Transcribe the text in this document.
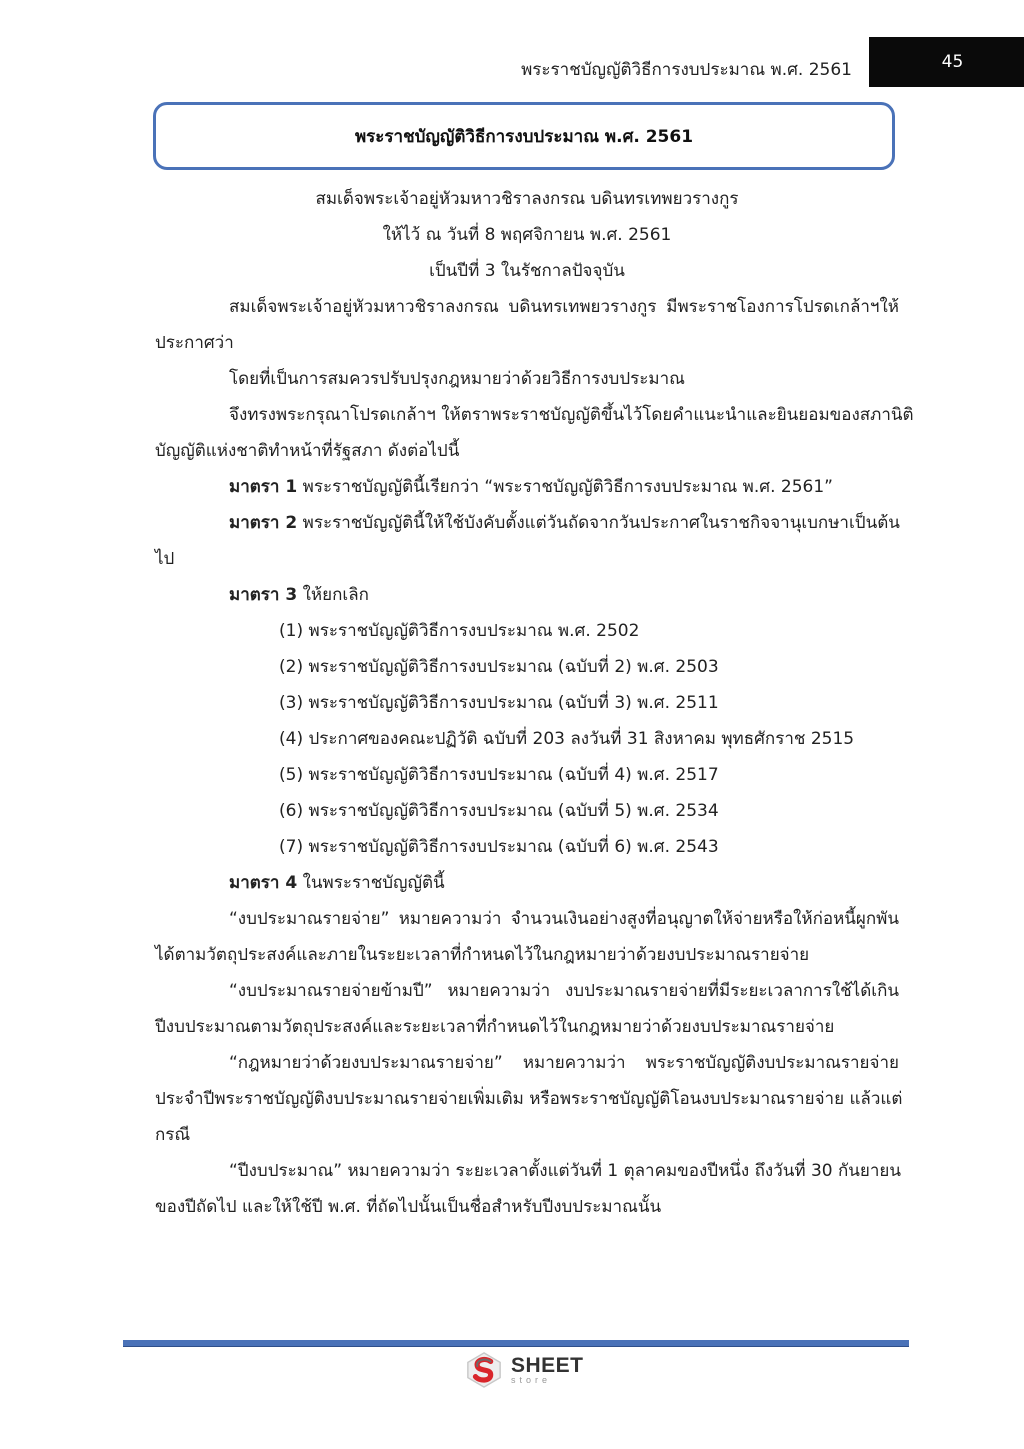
พระราชบัญญัติวิธีการงบประมาณ พ.ศ. 2561	45
พระราชบัญญัติวิธีการงบประมาณ พ.ศ. 2561
สมเด็จพระเจ้าอยู่หัวมหาวชิราลงกรณ บดินทรเทพยวรางกูร
ให้ไว้ ณ วันที่ 8 พฤศจิกายน พ.ศ. 2561
เป็นปีที่ 3 ในรัชกาลปัจจุบัน
สมเด็จพระเจ้าอยู่หัวมหาวชิราลงกรณ บดินทรเทพยวรางกูร มีพระราชโองการโปรดเกล้าฯให้
ประกาศว่า
โดยที่เป็นการสมควรปรับปรุงกฎหมายว่าด้วยวิธีการงบประมาณ
จึงทรงพระกรุณาโปรดเกล้าฯ ให้ตราพระราชบัญญัติขึ้นไว้โดยคำแนะนำและยินยอมของสภานิติ
บัญญัติแห่งชาติทำหน้าที่รัฐสภา ดังต่อไปนี้
มาตรา 1 พระราชบัญญัตินี้เรียกว่า “พระราชบัญญัติวิธีการงบประมาณ พ.ศ. 2561”
มาตรา 2 พระราชบัญญัตินี้ให้ใช้บังคับตั้งแต่วันถัดจากวันประกาศในราชกิจจานุเบกษาเป็นต้น
ไป
มาตรา 3 ให้ยกเลิก
(1) พระราชบัญญัติวิธีการงบประมาณ พ.ศ. 2502
(2) พระราชบัญญัติวิธีการงบประมาณ (ฉบับที่ 2) พ.ศ. 2503
(3) พระราชบัญญัติวิธีการงบประมาณ (ฉบับที่ 3) พ.ศ. 2511
(4) ประกาศของคณะปฏิวัติ ฉบับที่ 203 ลงวันที่ 31 สิงหาคม พุทธศักราช 2515
(5) พระราชบัญญัติวิธีการงบประมาณ (ฉบับที่ 4) พ.ศ. 2517
(6) พระราชบัญญัติวิธีการงบประมาณ (ฉบับที่ 5) พ.ศ. 2534
(7) พระราชบัญญัติวิธีการงบประมาณ (ฉบับที่ 6) พ.ศ. 2543
มาตรา 4 ในพระราชบัญญัตินี้
“งบประมาณรายจ่าย” หมายความว่า จำนวนเงินอย่างสูงที่อนุญาตให้จ่ายหรือให้ก่อหนี้ผูกพัน
ได้ตามวัตถุประสงค์และภายในระยะเวลาที่กำหนดไว้ในกฎหมายว่าด้วยงบประมาณรายจ่าย
“งบประมาณรายจ่ายข้ามปี” หมายความว่า งบประมาณรายจ่ายที่มีระยะเวลาการใช้ได้เกิน
ปีงบประมาณตามวัตถุประสงค์และระยะเวลาที่กำหนดไว้ในกฎหมายว่าด้วยงบประมาณรายจ่าย
“กฎหมายว่าด้วยงบประมาณรายจ่าย” หมายความว่า พระราชบัญญัติงบประมาณรายจ่าย
ประจำปีพระราชบัญญัติงบประมาณรายจ่ายเพิ่มเติม หรือพระราชบัญญัติโอนงบประมาณรายจ่าย แล้วแต่
กรณี
“ปีงบประมาณ” หมายความว่า ระยะเวลาตั้งแต่วันที่ 1 ตุลาคมของปีหนึ่ง ถึงวันที่ 30 กันยายน
ของปีถัดไป และให้ใช้ปี พ.ศ. ที่ถัดไปนั้นเป็นชื่อสำหรับปีงบประมาณนั้น
SHEET
store
